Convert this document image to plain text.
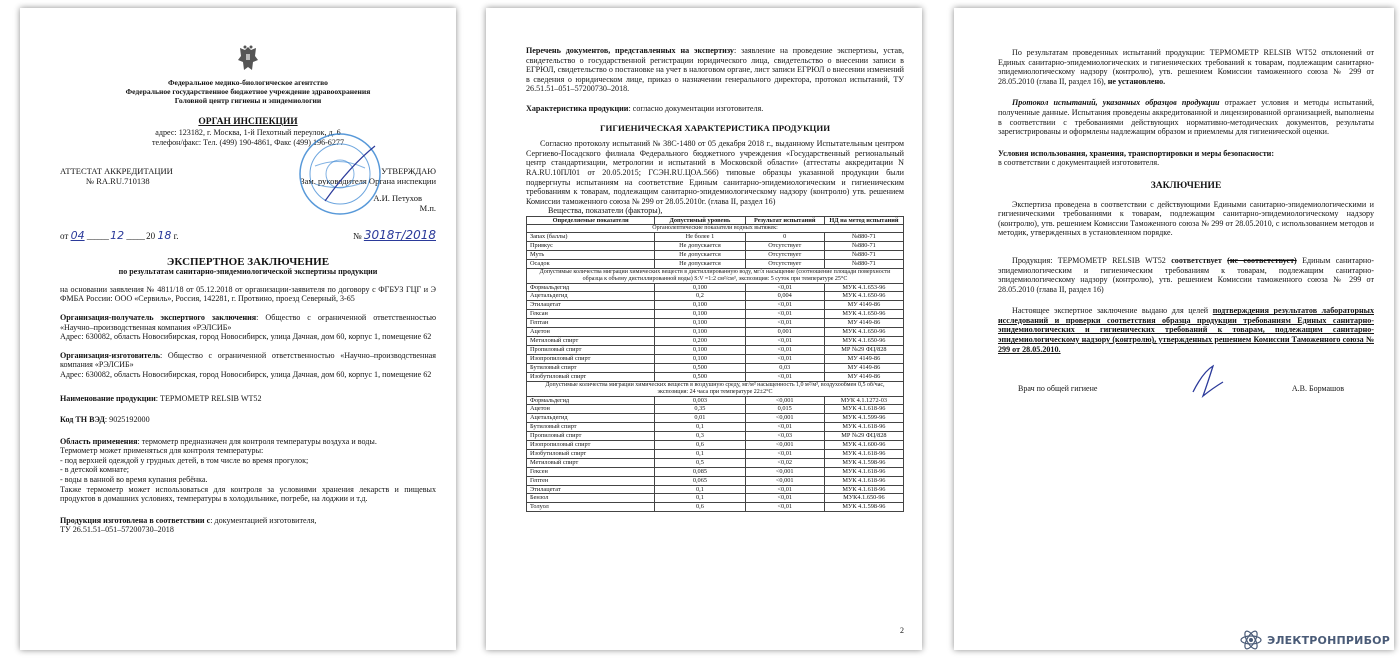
Федеральное медико-биологическое агентство

Федеральное государственное бюджетное учреждение здравоохранения

Головной центр гигиены и эпидемиологии

ОРГАН ИНСПЕКЦИИ

адрес: 123182, г. Москва, 1-й Пехотный переулок, д. 6

телефон/факс: Тел. (499) 190-4861, Факс (499) 196-6277

АТТЕСТАТ АККРЕДИТАЦИИ

№ RA.RU.710138

УТВЕРЖДАЮ

Зам. руководителя Органа инспекции

А.И. Петухов

М.п.

от 04 ______ 12 _____ 20 18 г.	№ 3018т/2018

ЭКСПЕРТНОЕ ЗАКЛЮЧЕНИЕ

по результатам санитарно-эпидемиологической экспертизы продукции

на основании заявления № 4811/18 от 05.12.2018 от организации-заявителя по договору с ФГБУЗ ГЦГ и Э ФМБА России: ООО «Сервиль», Россия, 142281, г. Протвино, проезд Северный, 3-65

Организация-получатель экспертного заключения: Общество с ограниченной ответственностью «Научно–производственная компания «РЭЛСИБ»

Адрес: 630082, область Новосибирская, город Новосибирск, улица Дачная, дом 60, корпус 1, помещение 62

Организация-изготовитель: Общество с ограниченной ответственностью «Научно–производственная компания «РЭЛСИБ»

Адрес: 630082, область Новосибирская, город Новосибирск, улица Дачная, дом 60, корпус 1, помещение 62

Наименование продукции: ТЕРМОМЕТР RELSIB WT52

Код ТН ВЭД: 9025192000

Область применения: термометр предназначен для контроля температуры воздуха и воды.

Термометр может применяться для контроля температуры:

- под верхней одеждой у грудных детей, в том числе во время прогулок;

- в детской комнате;

- воды в ванной во время купания ребёнка.

Также термометр может использоваться для контроля за условиями хранения лекарств и пищевых продуктов в домашних условиях, температуры в холодильнике, погребе, на лоджии и т.д.

Продукция изготовлена в соответствии с: документацией изготовителя,

ТУ 26.51.51–051–57200730–2018

Перечень документов, представленных на экспертизу: заявление на проведение экспертизы, устав, свидетельство о государственной регистрации юридического лица, свидетельство о внесении записи в ЕГРЮЛ, свидетельство о постановке на учет в налоговом органе, лист записи ЕГРЮЛ о внесении изменений в сведения о юридическом лице, приказ о назначении генерального директора, протокол испытаний, ТУ 26.51.51–051–57200730–2018.

Характеристика продукции: согласно документации изготовителя.

ГИГИЕНИЧЕСКАЯ ХАРАКТЕРИСТИКА ПРОДУКЦИИ

Согласно протоколу испытаний № 38С-1480 от 05 декабря 2018 г., выданному Испытательным центром Сергиево-Посадского филиала Федерального бюджетного учреждения «Государственный региональный центр стандартизации, метрологии и испытаний в Московской области» (аттестаты аккредитации N RA.RU.10ПЛ01 от 20.05.2015; ГСЭН.RU.ЦОА.566) типовые образцы указанной продукции были подвергнуты испытаниям на соответствие Единым санитарно-эпидемиологическим и гигиеническим требованиям к товарам, подлежащим санитарно-эпидемиологическому надзору (контролю) утв. решением Комиссии таможенного союза № 299 от 28.05.2010г. (глава II, раздел 16)

Вещества, показатели (факторы),

Определяемые показатели	Допустимый уровень	Результат испытаний	НД на метод испытаний
Органолептические показатели водных вытяжек:			
Запах (баллы)	Не более 1	0	№880-71
Привкус	Не допускается	Отсутствует	№880-71
Муть	Не допускается	Отсутствует	№880-71
Осадок	Не допускается	Отсутствует	№880-71
Допустимые количества миграции химических веществ в дистиллированную воду, мг/л насыщение (соотношение площади поверхности образца к объему дистиллированной воды) S:V =1:2 см²/см³, экспозиция: 5 суток при температуре 25°С			
Формальдегид	0,100	<0,01	МУК 4.1.653-96
Ацетальдегид	0,2	0,004	МУК 4.1.650-96
Этилацетат	0,100	<0,01	МУ 4149-86
Гексан	0,100	<0,01	МУК 4.1.650-96
Гептан	0,100	<0,01	МУ 4149-86
Ацетон	0,100	0,001	МУК 4.1.650-96
Метиловый спирт	0,200	<0,01	МУК 4.1.650-96
Пропиловый спирт	0,100	<0,01	МР №29 ФЦ/828
Изопропиловый спирт	0,100	<0,01	МУ 4149-86
Бутиловый спирт	0,500	0,03	МУ 4149-86
Изобутиловый спирт	0,500	<0,01	МУ 4149-86
Допустимые количества миграции химических веществ в воздушную среду, мг/м³ насыщенность 1,0 м²/м³, воздухообмен 0,5 об/час, экспозиция: 24 часа при температуре 22±2°С			
Формальдегид	0,003	<0,001	МУК 4.1.1272-03
Ацетон	0,35	0,015	МУК 4.1.618-96
Ацетальдегид	0,01	<0,001	МУК 4.1.599-96
Бутиловый спирт	0,1	<0,01	МУК 4.1.618-96
Пропиловый спирт	0,3	<0,03	МР №29 ФЦ/828
Изопропиловый спирт	0,6	<0,001	МУК 4.1.600-96
Изобутиловый спирт	0,1	<0,01	МУК 4.1.618-96
Метиловый спирт	0,5	<0,02	МУК 4.1.598-96
Гексен	0,085	<0,001	МУК 4.1.618-96
Гептен	0,065	<0,001	МУК 4.1.618-96
Этилацетат	0,1	<0,01	МУК 4.1.618-96
Бензол	0,1	<0,01	МУК4.1.650-96
Толуол	0,6	<0,01	МУК 4.1.598-96

2

По результатам проведенных испытаний продукции: ТЕРМОМЕТР RELSIB WT52 отклонений от Единых санитарно-эпидемиологических и гигиенических требований к товарам, подлежащим санитарно-эпидемиологическому надзору (контролю), утв. решением Комиссии таможенного союза № 299 от 28.05.2010 (глава II, раздел 16), не установлено.

Протокол испытаний, указанных образцов продукции отражает условия и методы испытаний, полученные данные. Испытания проведены аккредитованной и лицензированной организацией, выполнены в соответствии с требованиями действующих нормативно-методических документов, результаты зарегистрированы и оформлены надлежащим образом и приемлемы для гигиенической оценки.

Условия использования, хранения, транспортировки и меры безопасности:

в соответствии с документацией изготовителя.

ЗАКЛЮЧЕНИЕ

Экспертиза проведена в соответствии с действующими Едиными санитарно-эпидемиологическими и гигиеническими требованиями к товарам, подлежащим санитарно-эпидемиологическому надзору (контролю), утв. решением Комиссии Таможенного союза № 299 от 28.05.2010, с использованием методов и методик, утвержденных в установленном порядке.

Продукция: ТЕРМОМЕТР RELSIB WT52 соответствует (не соответствует) Единым санитарно-эпидемиологическим и гигиеническим требованиям к товарам, подлежащим санитарно-эпидемиологическому надзору (контролю), утв. решением Комиссии таможенного союза № 299 от 28.05.2010 (глава II, раздел 16)

Настоящее экспертное заключение выдано для целей подтверждения результатов лабораторных исследований и проверки соответствия образца продукции требованиям Единых санитарно-эпидемиологических и гигиенических требований к товарам, подлежащим санитарно-эпидемиологическому надзору (контролю), утвержденных решением Комиссии Таможенного союза № 299 от 28.05.2010.

Врач по общей гигиене	А.В. Бормашов
ЭЛЕКТРОНПРИБОР
